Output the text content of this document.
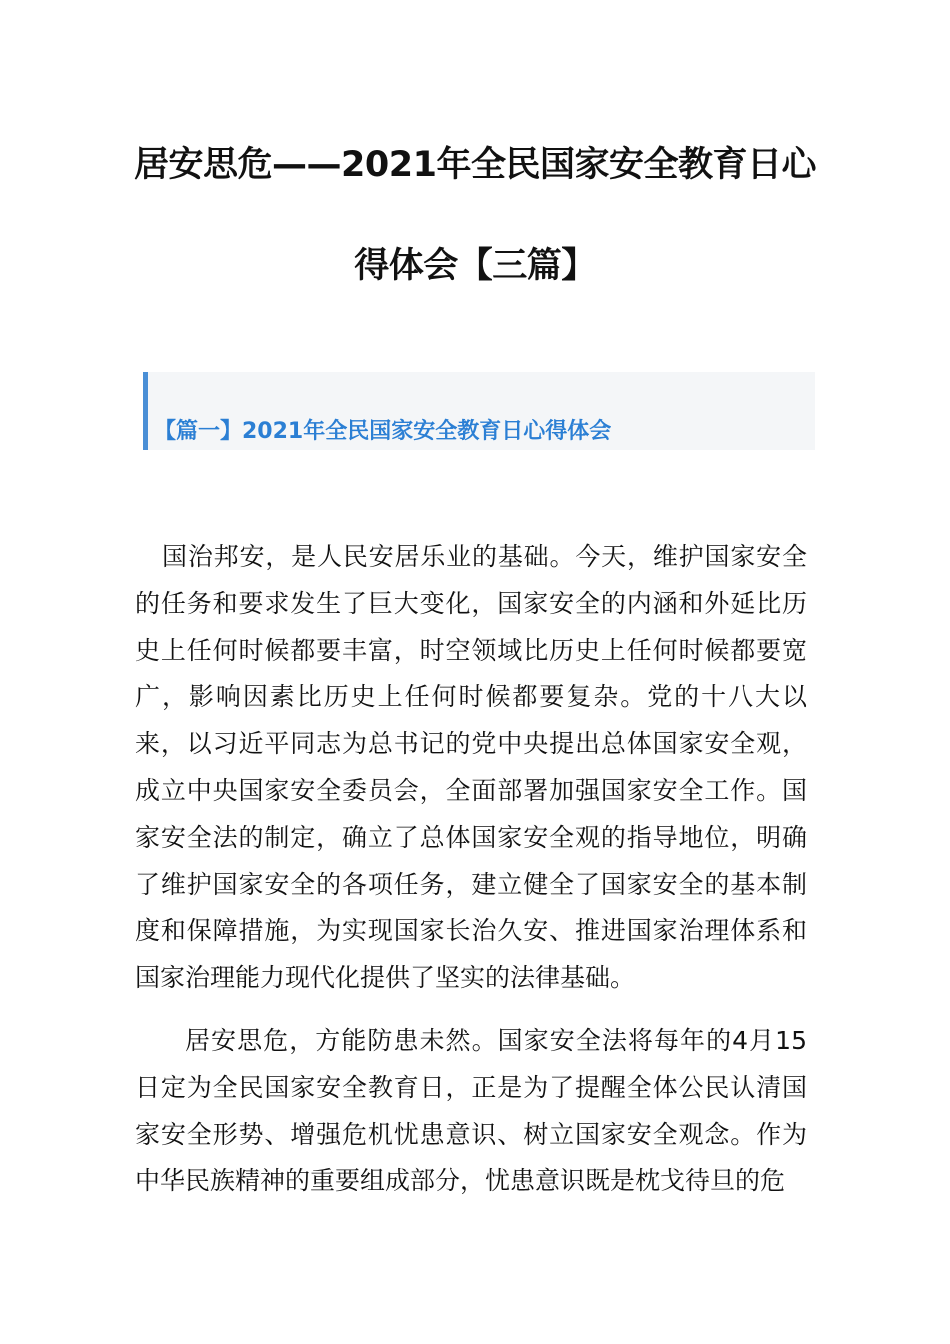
居安思危——2021年全民国家安全教育日心
得体会【三篇】
【篇一】2021年全民国家安全教育日心得体会

国治邦安，是人民安居乐业的基础。今天，维护国家安全的任务和要求发生了巨大变化，国家安全的内涵和外延比历史上任何时候都要丰富，时空领域比历史上任何时候都要宽广，影响因素比历史上任何时候都要复杂。党的十八大以来，以习近平同志为总书记的党中央提出总体国家安全观，成立中央国家安全委员会，全面部署加强国家安全工作。国家安全法的制定，确立了总体国家安全观的指导地位，明确了维护国家安全的各项任务，建立健全了国家安全的基本制度和保障措施，为实现国家长治久安、推进国家治理体系和国家治理能力现代化提供了坚实的法律基础。

居安思危，方能防患未然。国家安全法将每年的4月15日定为全民国家安全教育日，正是为了提醒全体公民认清国家安全形势、增强危机忧患意识、树立国家安全观念。作为中华民族精神的重要组成部分，忧患意识既是枕戈待旦的危
